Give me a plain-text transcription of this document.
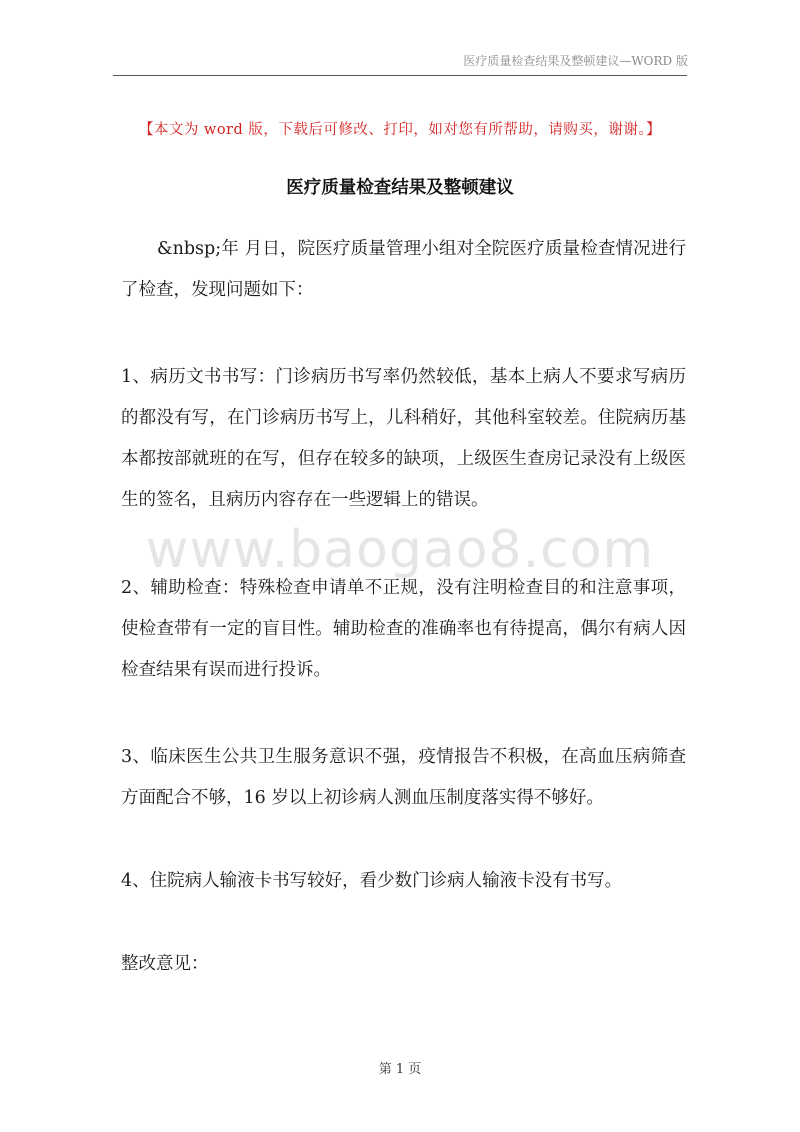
医疗质量检查结果及整顿建议—WORD 版
【本文为 word 版，下载后可修改、打印，如对您有所帮助，请购买，谢谢。】
医疗质量检查结果及整顿建议
&nbsp;年 月日，院医疗质量管理小组对全院医疗质量检查情况进行了检查，发现问题如下：
1、病历文书书写：门诊病历书写率仍然较低，基本上病人不要求写病历的都没有写，在门诊病历书写上，儿科稍好，其他科室较差。住院病历基本都按部就班的在写，但存在较多的缺项，上级医生查房记录没有上级医生的签名，且病历内容存在一些逻辑上的错误。
2、辅助检查：特殊检查申请单不正规，没有注明检查目的和注意事项，使检查带有一定的盲目性。辅助检查的准确率也有待提高，偶尔有病人因检查结果有误而进行投诉。
3、临床医生公共卫生服务意识不强，疫情报告不积极，在高血压病筛查方面配合不够，16 岁以上初诊病人测血压制度落实得不够好。
4、住院病人输液卡书写较好，看少数门诊病人输液卡没有书写。
整改意见：
www.baogao8.com
第 1 页
